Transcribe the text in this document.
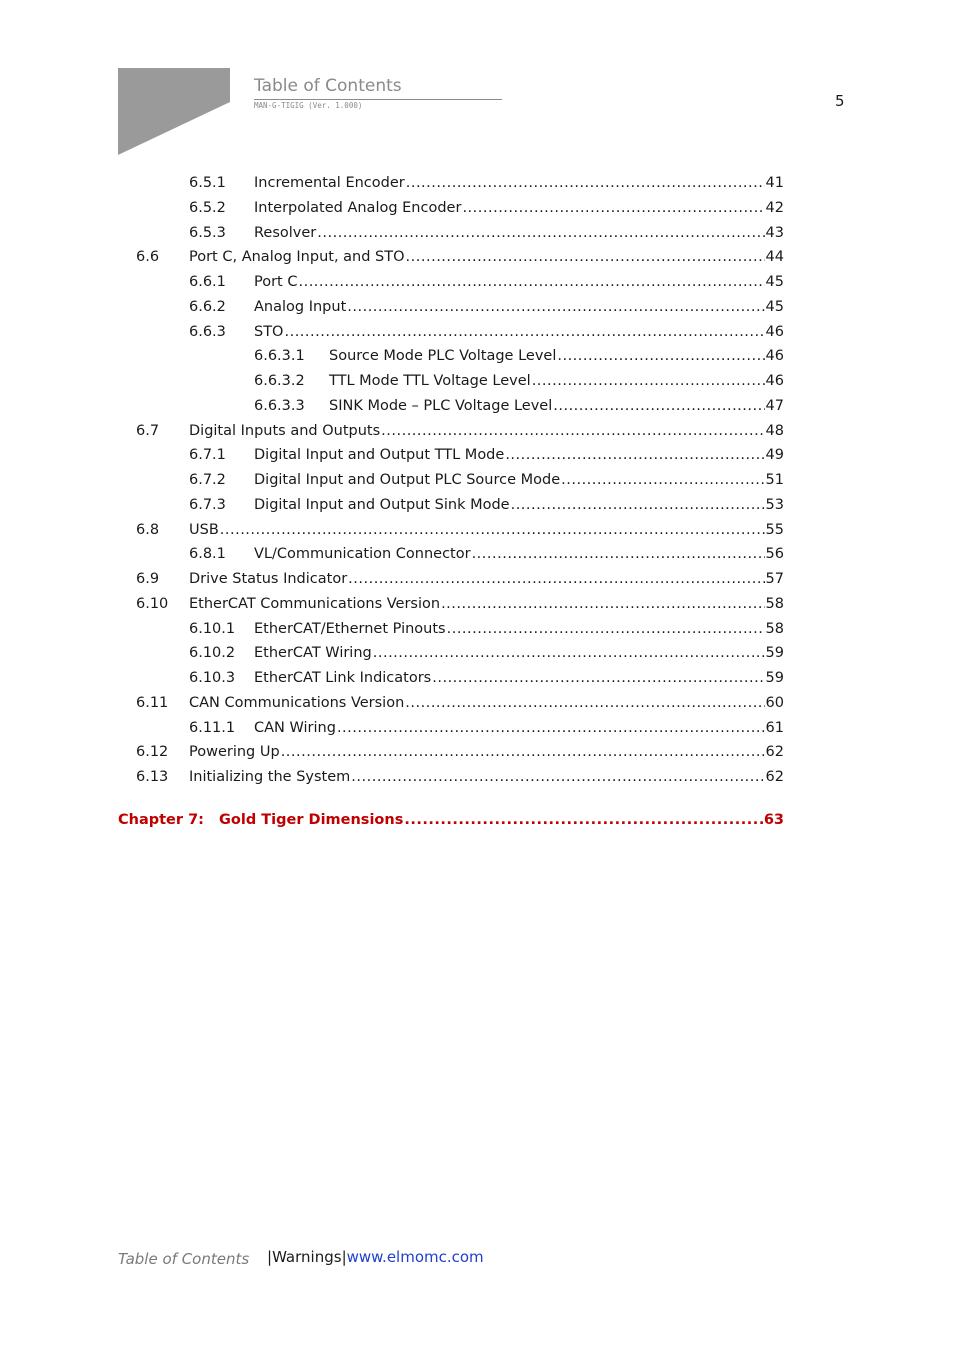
Table of Contents
MAN-G-TIGIG (Ver. 1.000)	5
6.5.1 Incremental Encoder .....	41
6.5.2 Interpolated Analog Encoder .....	42
6.5.3 Resolver .....	43
6.6 Port C, Analog Input, and STO .....	44
6.6.1 Port C .....	45
6.6.2 Analog Input .....	45
6.6.3 STO .....	46
6.6.3.1 Source Mode PLC Voltage Level .....	46
6.6.3.2 TTL Mode TTL Voltage Level .....	46
6.6.3.3 SINK Mode – PLC Voltage Level .....	47
6.7 Digital Inputs and Outputs .....	48
6.7.1 Digital Input and Output TTL Mode .....	49
6.7.2 Digital Input and Output PLC Source Mode .....	51
6.7.3 Digital Input and Output Sink Mode .....	53
6.8 USB .....	55
6.8.1 VL/Communication Connector .....	56
6.9 Drive Status Indicator .....	57
6.10 EtherCAT Communications Version .....	58
6.10.1 EtherCAT/Ethernet Pinouts .....	58
6.10.2 EtherCAT Wiring .....	59
6.10.3 EtherCAT Link Indicators .....	59
6.11 CAN Communications Version .....	60
6.11.1 CAN Wiring .....	61
6.12 Powering Up .....	62
6.13 Initializing the System .....	62
Chapter 7: Gold Tiger Dimensions .....	63
Table of Contents |Warnings|www.elmomc.com
